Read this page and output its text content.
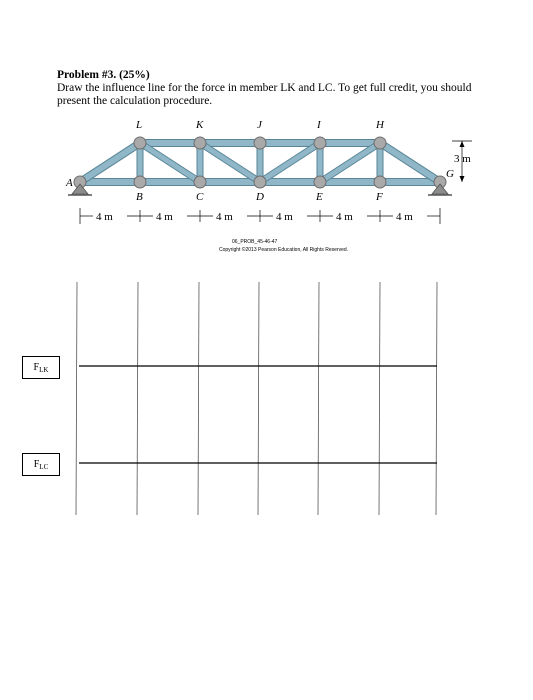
Problem #3. (25%)
Draw the influence line for the force in member LK and LC. To get full credit, you should present the calculation procedure.
L	K	J	I	H
A
B	C	D	E	F
G
3 m
4 m	4 m	4 m	4 m	4 m	4 m
06_PROB_45-46-47
Copyright ©2013 Pearson Education, All Rights Reserved.
F LK
F LC
